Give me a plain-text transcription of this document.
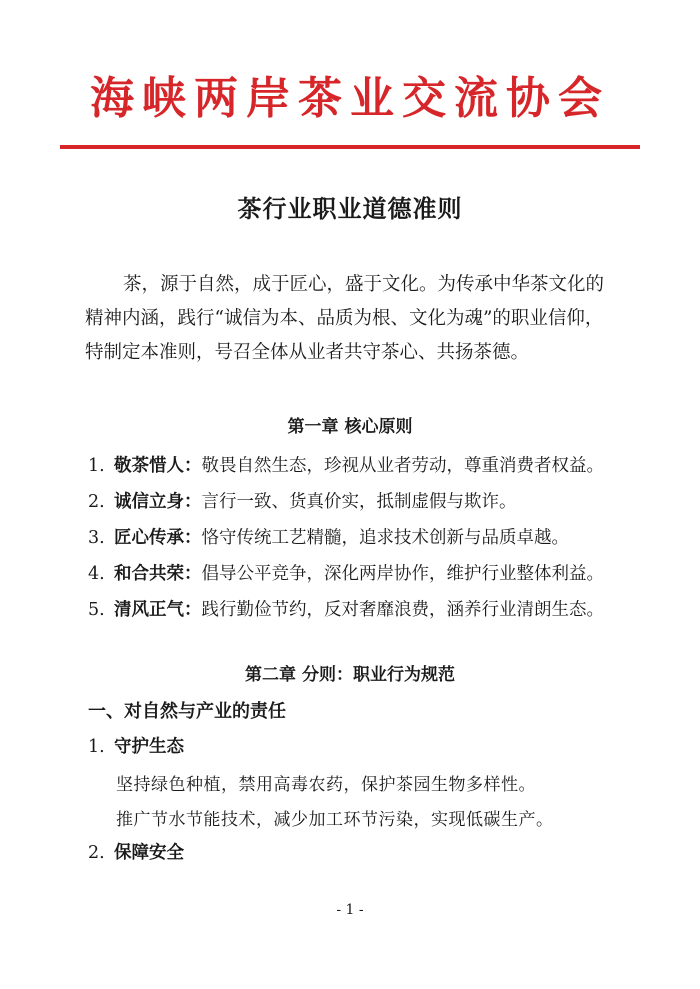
海峡两岸茶业交流协会
茶行业职业道德准则
茶，源于自然，成于匠心，盛于文化。为传承中华茶文化的
精神内涵，践行“诚信为本、品质为根、文化为魂”的职业信仰，
特制定本准则，号召全体从业者共守茶心、共扬茶德。
第一章 核心原则
1. 敬茶惜人：敬畏自然生态，珍视从业者劳动，尊重消费者权益。
2. 诚信立身：言行一致、货真价实，抵制虚假与欺诈。
3. 匠心传承：恪守传统工艺精髓，追求技术创新与品质卓越。
4. 和合共荣：倡导公平竞争，深化两岸协作，维护行业整体利益。
5. 清风正气：践行勤俭节约，反对奢靡浪费，涵养行业清朗生态。
第二章 分则：职业行为规范
一、对自然与产业的责任
1. 守护生态
坚持绿色种植，禁用高毒农药，保护茶园生物多样性。
推广节水节能技术，减少加工环节污染，实现低碳生产。
2. 保障安全
- 1 -
